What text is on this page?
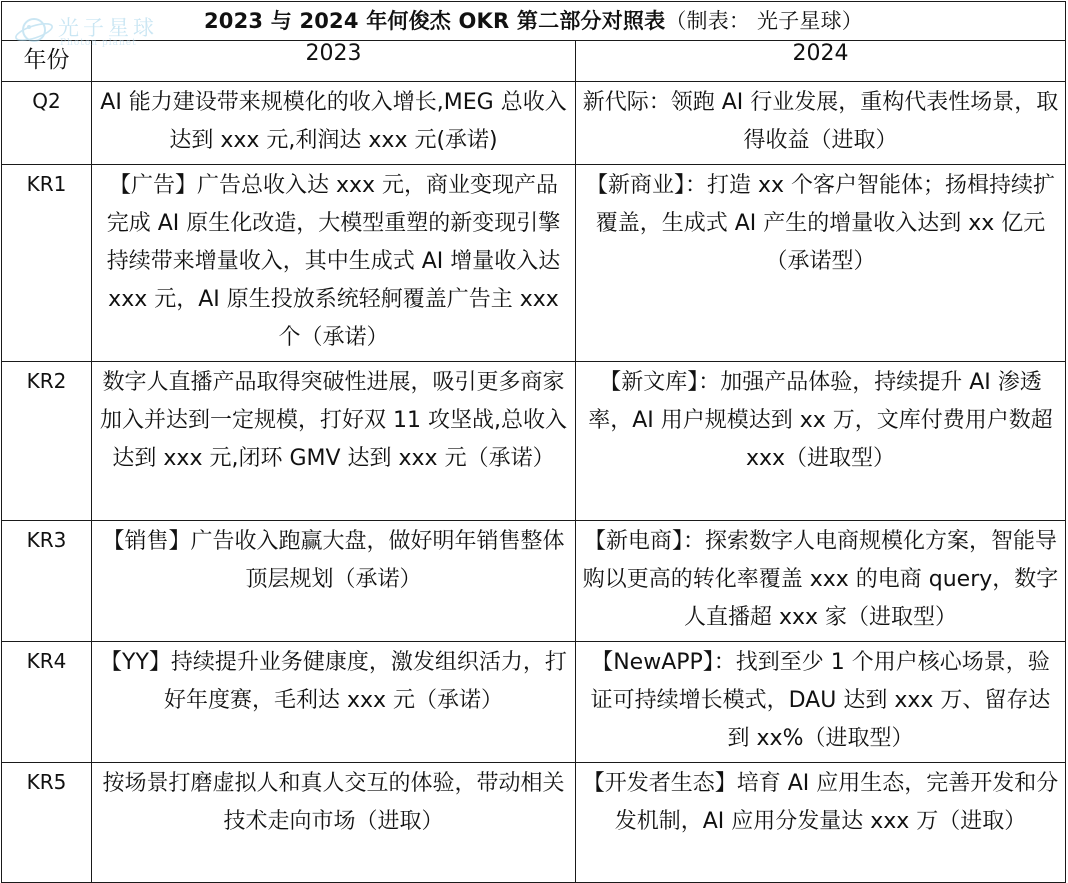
2023 与 2024 年何俊杰 OKR 第二部分对照表（制表： 光子星球）		

年份	2023	2024
Q2	AI 能力建设带来规模化的收入增长,MEG 总收入达到 xxx 元,利润达 xxx 元(承诺)	新代际：领跑 AI 行业发展，重构代表性场景，取得收益（进取）

KR1	【广告】广告总收入达 xxx 元，商业变现产品完成 AI 原生化改造，大模型重塑的新变现引擎持续带来增量收入，其中生成式 AI 增量收入达 xxx 元，AI 原生投放系统轻舸覆盖广告主 xxx 个（承诺）	【新商业】：打造 xx 个客户智能体；扬楫持续扩覆盖，生成式 AI 产生的增量收入达到 xx 亿元（承诺型）

KR2	数字人直播产品取得突破性进展，吸引更多商家加入并达到一定规模，打好双 11 攻坚战,总收入达到 xxx 元,闭环 GMV 达到 xxx 元（承诺）	【新文库】：加强产品体验，持续提升 AI 渗透率，AI 用户规模达到 xx 万，文库付费用户数超 xxx（进取型）

KR3	【销售】广告收入跑赢大盘，做好明年销售整体顶层规划（承诺）	【新电商】：探索数字人电商规模化方案，智能导购以更高的转化率覆盖 xxx 的电商 query，数字人直播超 xxx 家（进取型）

KR4	【YY】持续提升业务健康度，激发组织活力，打好年度赛，毛利达 xxx 元（承诺）	【NewAPP】：找到至少 1 个用户核心场景，验证可持续增长模式，DAU 达到 xxx 万、留存达到 xx%（进取型）

KR5	按场景打磨虚拟人和真人交互的体验，带动相关技术走向市场（进取）	【开发者生态】培育 AI 应用生态，完善开发和分发机制，AI 应用分发量达 xxx 万（进取）
光子星球
Photon planet
